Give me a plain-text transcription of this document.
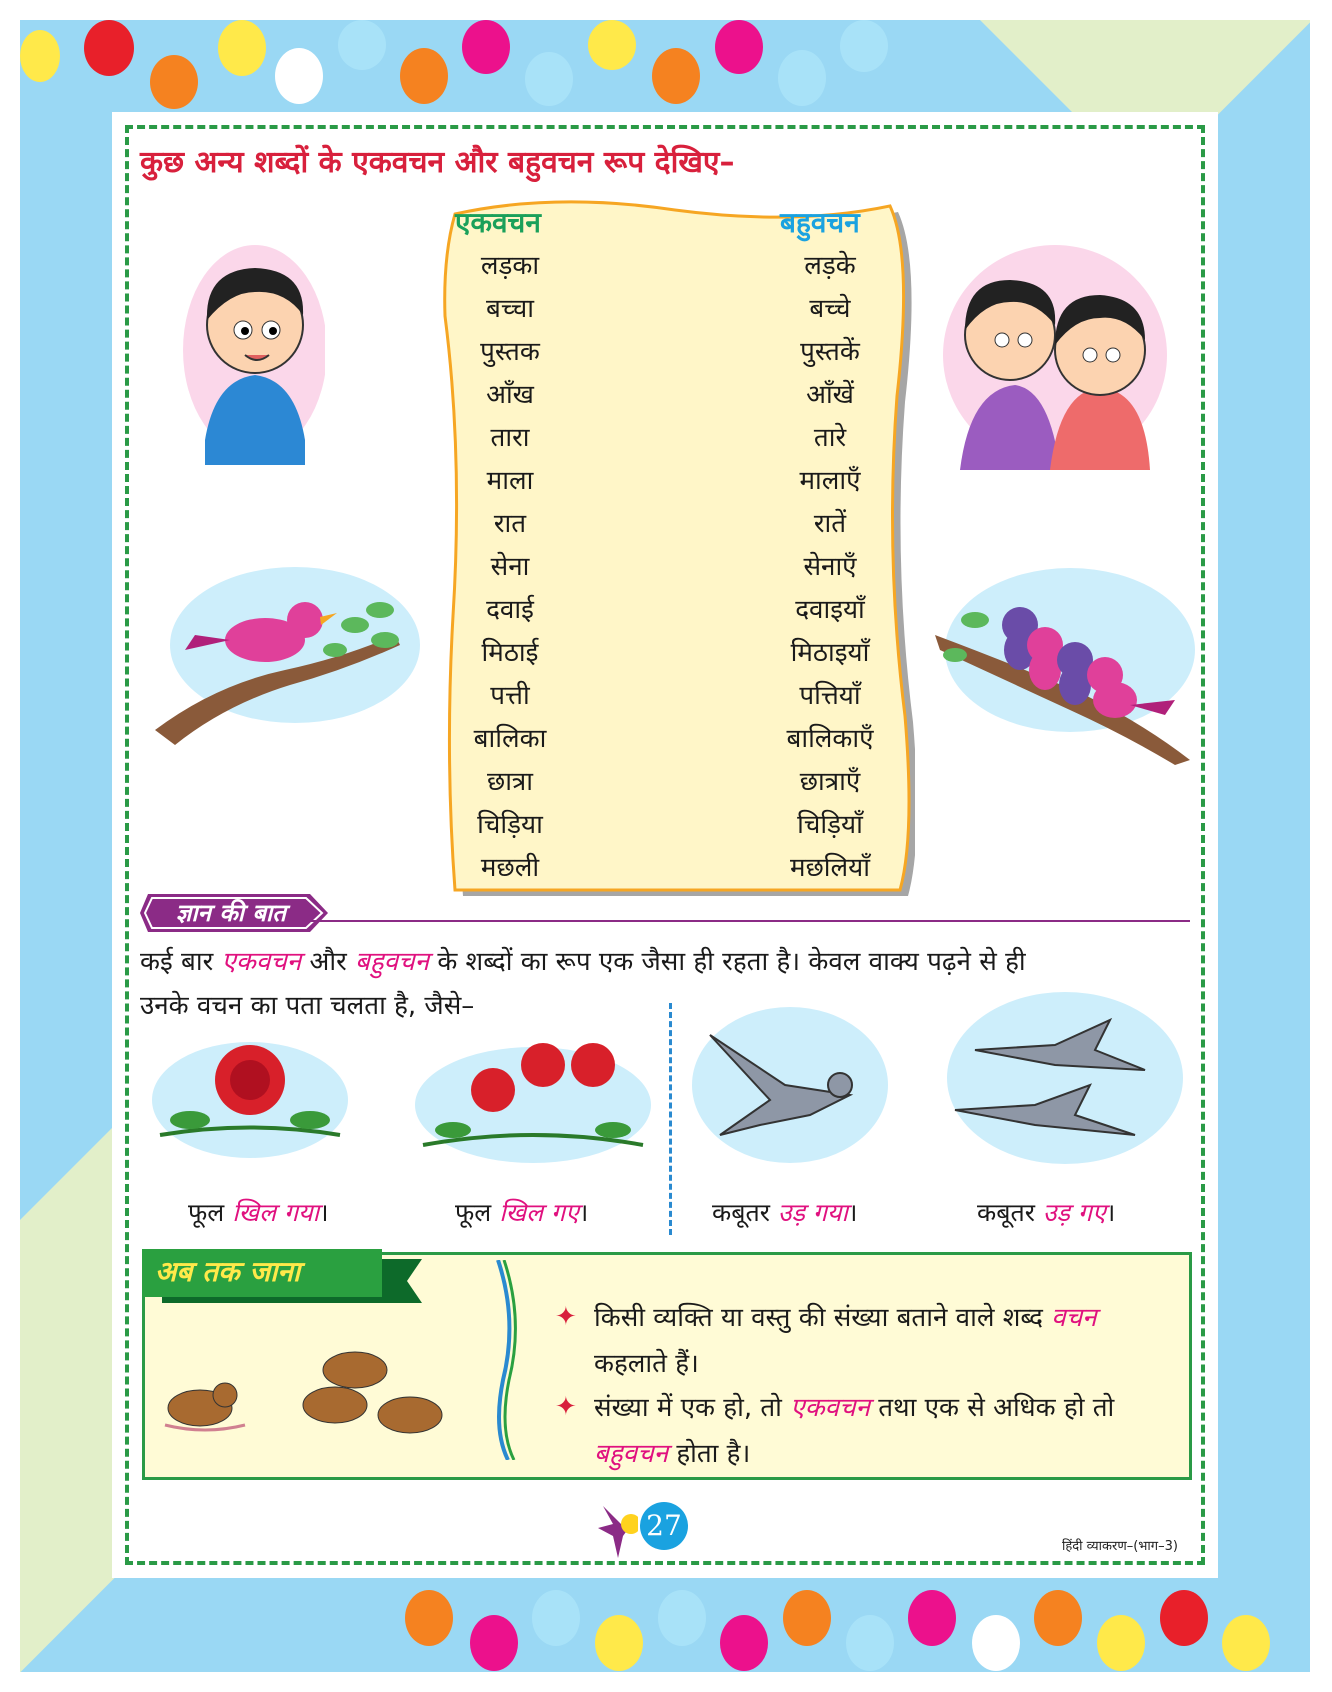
कुछ अन्य शब्दों के एकवचन और बहुवचन रूप देखिए–
एकवचन	बहुवचन
लड़का	लड़के
बच्चा	बच्चे
पुस्तक	पुस्तकें
आँख	आँखें
तारा	तारे
माला	मालाएँ
रात	रातें
सेना	सेनाएँ
दवाई	दवाइयाँ
मिठाई	मिठाइयाँ
पत्ती	पत्तियाँ
बालिका	बालिकाएँ
छात्रा	छात्राएँ
चिड़िया	चिड़ियाँ
मछली	मछलियाँ
ज्ञान की बात
कई बार एकवचन और बहुवचन के शब्दों का रूप एक जैसा ही रहता है। केवल वाक्य पढ़ने से ही
उनके वचन का पता चलता है, जैसे–
फूल खिल गया।	फूल खिल गए।	कबूतर उड़ गया।	कबूतर उड़ गए।
अब तक जाना
✦ किसी व्यक्ति या वस्तु की संख्या बताने वाले शब्द वचन कहलाते हैं।
✦ संख्या में एक हो, तो एकवचन तथा एक से अधिक हो तो बहुवचन होता है।
27
हिंदी व्याकरण–(भाग–3)
